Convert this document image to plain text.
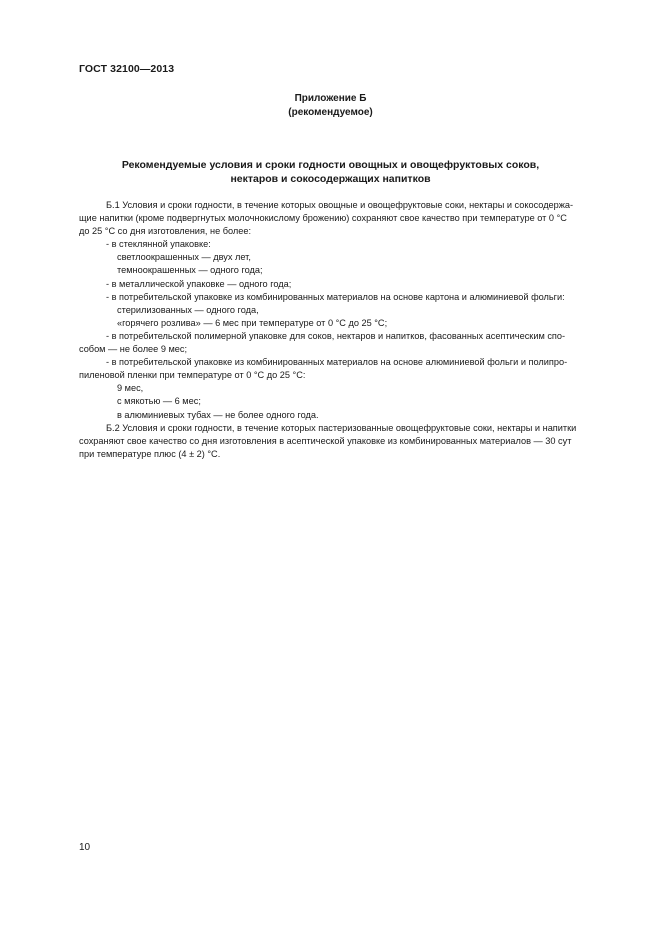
ГОСТ 32100—2013
Приложение Б
(рекомендуемое)
Рекомендуемые условия и сроки годности овощных и овощефруктовых соков,
нектаров и сокосодержащих напитков
Б.1 Условия и сроки годности, в течение которых овощные и овощефруктовые соки, нектары и сокосодержа-
щие напитки (кроме подвергнутых молочнокислому брожению) сохраняют свое качество при температуре от 0 °С
до 25 °С со дня изготовления, не более:
- в стеклянной упаковке:
светлоокрашенных — двух лет,
темноокрашенных — одного года;
- в металлической упаковке — одного года;
- в потребительской упаковке из комбинированных материалов на основе картона и алюминиевой фольги:
стерилизованных — одного года,
«горячего розлива» — 6 мес при температуре от 0 °С до 25 °С;
- в потребительской полимерной упаковке для соков, нектаров и напитков, фасованных асептическим спо-
собом — не более 9 мес;
- в потребительской упаковке из комбинированных материалов на основе алюминиевой фольги и полипро-
пиленовой пленки при температуре от 0 °С до 25 °С:
9 мес,
с мякотью — 6 мес;
в алюминиевых тубах — не более одного года.
Б.2 Условия и сроки годности, в течение которых пастеризованные овощефруктовые соки, нектары и напитки
сохраняют свое качество со дня изготовления в асептической упаковке из комбинированных материалов — 30 сут
при температуре плюс (4 ± 2) °С.
10
